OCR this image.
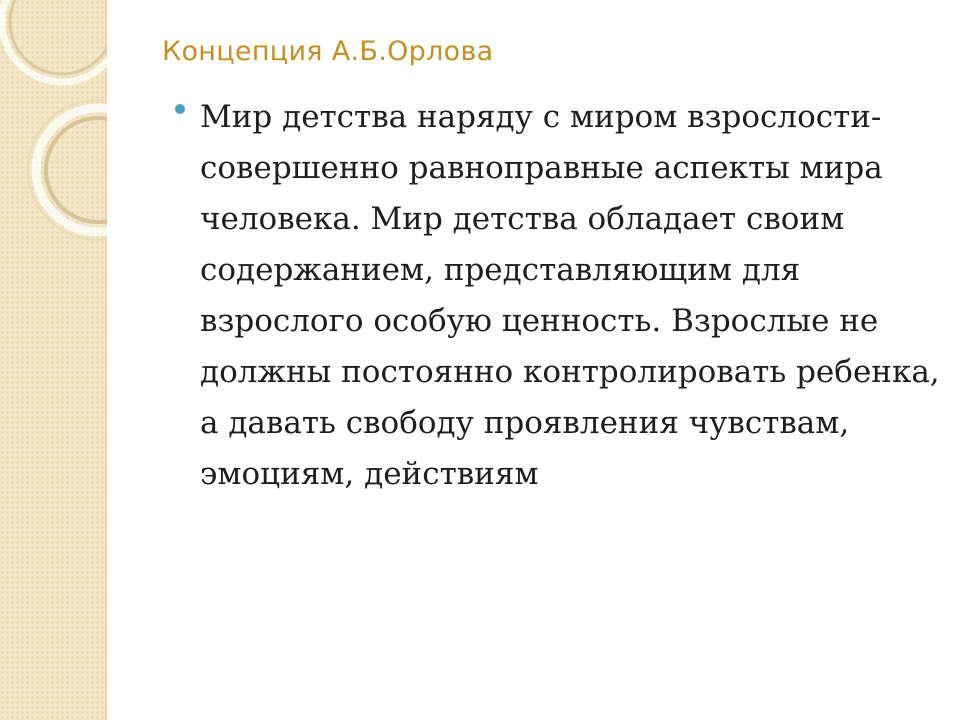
Концепция А.Б.Орлова
Мир детства наряду с миром взрослости- совершенно равноправные аспекты мира человека. Мир детства обладает своим содержанием, представляющим для взрослого особую ценность. Взрослые не должны постоянно контролировать ребенка, а давать свободу проявления чувствам, эмоциям, действиям
